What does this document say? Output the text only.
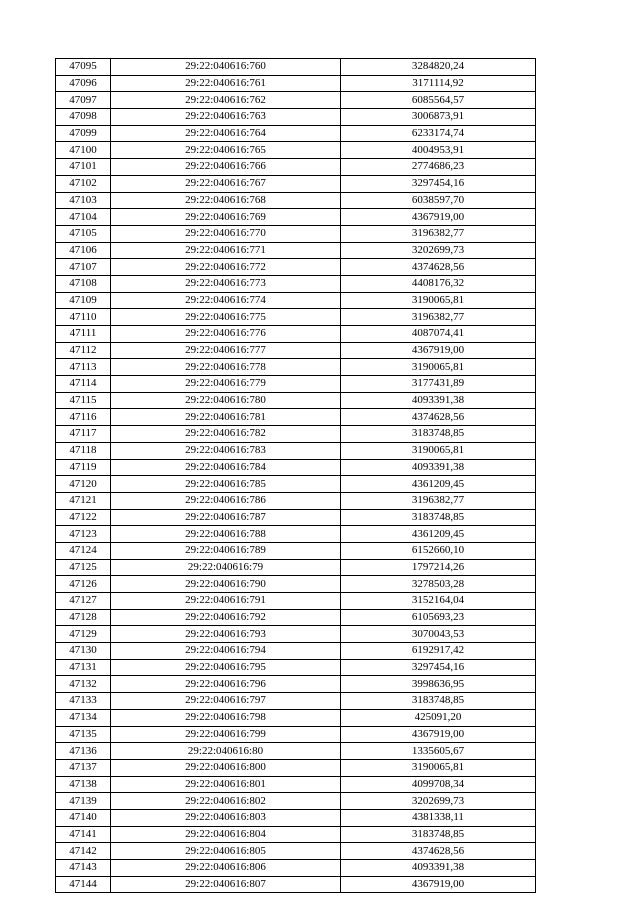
47095	29:22:040616:760	3284820,24
47096	29:22:040616:761	3171114,92
47097	29:22:040616:762	6085564,57
47098	29:22:040616:763	3006873,91
47099	29:22:040616:764	6233174,74
47100	29:22:040616:765	4004953,91
47101	29:22:040616:766	2774686,23
47102	29:22:040616:767	3297454,16
47103	29:22:040616:768	6038597,70
47104	29:22:040616:769	4367919,00
47105	29:22:040616:770	3196382,77
47106	29:22:040616:771	3202699,73
47107	29:22:040616:772	4374628,56
47108	29:22:040616:773	4408176,32
47109	29:22:040616:774	3190065,81
47110	29:22:040616:775	3196382,77
47111	29:22:040616:776	4087074,41
47112	29:22:040616:777	4367919,00
47113	29:22:040616:778	3190065,81
47114	29:22:040616:779	3177431,89
47115	29:22:040616:780	4093391,38
47116	29:22:040616:781	4374628,56
47117	29:22:040616:782	3183748,85
47118	29:22:040616:783	3190065,81
47119	29:22:040616:784	4093391,38
47120	29:22:040616:785	4361209,45
47121	29:22:040616:786	3196382,77
47122	29:22:040616:787	3183748,85
47123	29:22:040616:788	4361209,45
47124	29:22:040616:789	6152660,10
47125	29:22:040616:79	1797214,26
47126	29:22:040616:790	3278503,28
47127	29:22:040616:791	3152164,04
47128	29:22:040616:792	6105693,23
47129	29:22:040616:793	3070043,53
47130	29:22:040616:794	6192917,42
47131	29:22:040616:795	3297454,16
47132	29:22:040616:796	3998636,95
47133	29:22:040616:797	3183748,85
47134	29:22:040616:798	425091,20
47135	29:22:040616:799	4367919,00
47136	29:22:040616:80	1335605,67
47137	29:22:040616:800	3190065,81
47138	29:22:040616:801	4099708,34
47139	29:22:040616:802	3202699,73
47140	29:22:040616:803	4381338,11
47141	29:22:040616:804	3183748,85
47142	29:22:040616:805	4374628,56
47143	29:22:040616:806	4093391,38
47144	29:22:040616:807	4367919,00
